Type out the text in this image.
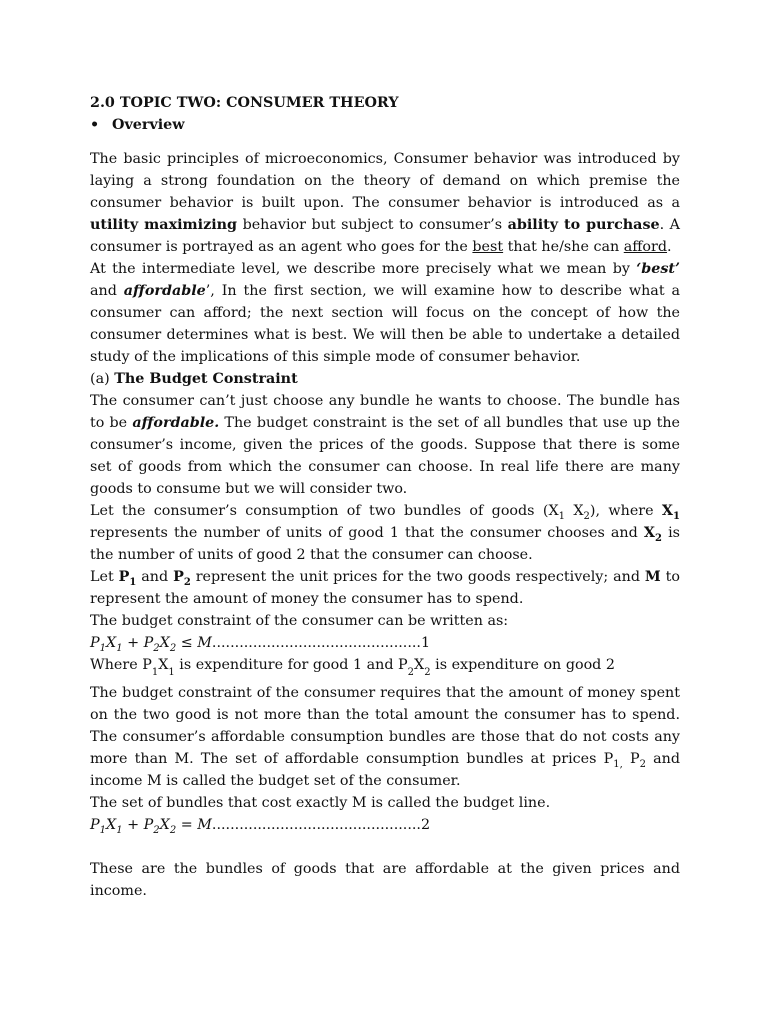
2.0 TOPIC TWO: CONSUMER THEORY

• Overview

The basic principles of microeconomics, Consumer behavior was introduced by laying a strong foundation on the theory of demand on which premise the consumer behavior is built upon. The consumer behavior is introduced as a utility maximizing behavior but subject to consumer’s ability to purchase. A consumer is portrayed as an agent who goes for the best that he/she can afford.

At the intermediate level, we describe more precisely what we mean by ‘best’ and affordable’, In the first section, we will examine how to describe what a consumer can afford; the next section will focus on the concept of how the consumer determines what is best. We will then be able to undertake a detailed study of the implications of this simple mode of consumer behavior.

(a) The Budget Constraint

The consumer can’t just choose any bundle he wants to choose. The bundle has to be affordable. The budget constraint is the set of all bundles that use up the consumer’s income, given the prices of the goods. Suppose that there is some set of goods from which the consumer can choose. In real life there are many goods to consume but we will consider two.

Let the consumer’s consumption of two bundles of goods ($X_1$ $X_2$), where $X_1$ represents the number of units of good 1 that the consumer chooses and $X_2$ is the number of units of good 2 that the consumer can choose.

Let $P_1$ and $P_2$ represent the unit prices for the two goods respectively; and M to represent the amount of money the consumer has to spend.

The budget constraint of the consumer can be written as:

$P_1X_1 + P_2X_2 \le M..............................................1$

Where $P_1X_1$ is expenditure for good 1 and $P_2X_2$ is expenditure on good 2

The budget constraint of the consumer requires that the amount of money spent on the two good is not more than the total amount the consumer has to spend. The consumer’s affordable consumption bundles are those that do not costs any more than M. The set of affordable consumption bundles at prices $P_{1,}$ $P_2$ and income M is called the budget set of the consumer.

The set of bundles that cost exactly M is called the budget line.

$P_1X_1 + P_2X_2 = M..............................................2$

These are the bundles of goods that are affordable at the given prices and income.
